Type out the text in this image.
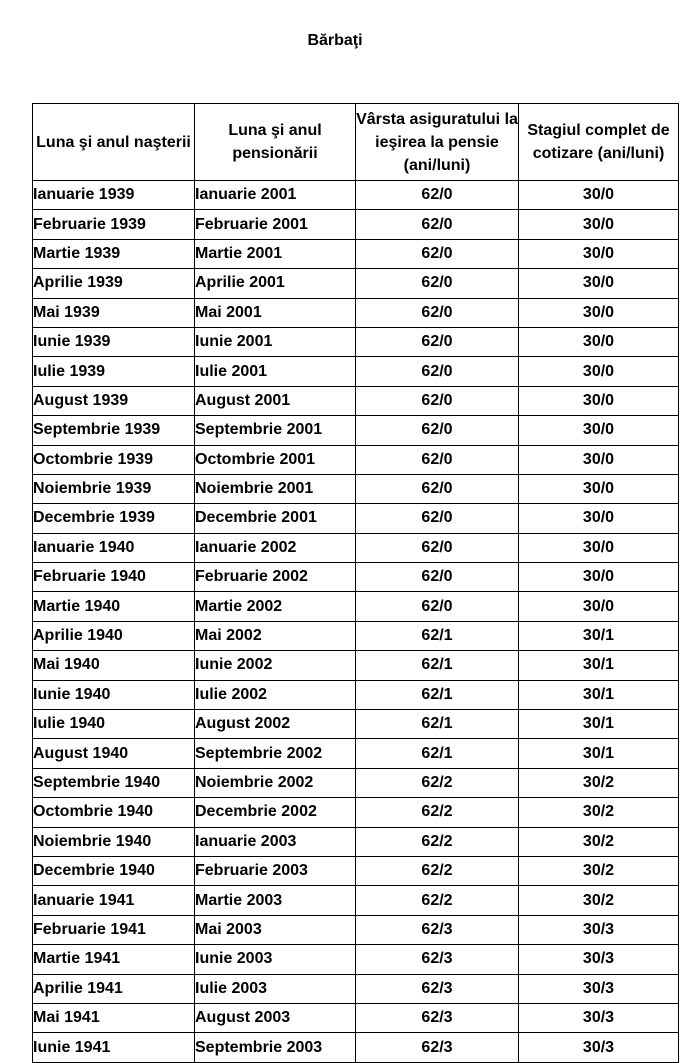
Bărbaţi
Luna şi anul naşterii	Luna şi anul pensionării	Vârsta asiguratului la ieşirea la pensie (ani/luni)	Stagiul complet de cotizare (ani/luni)
Ianuarie 1939	Ianuarie 2001	62/0	30/0
Februarie 1939	Februarie 2001	62/0	30/0
Martie 1939	Martie 2001	62/0	30/0
Aprilie 1939	Aprilie 2001	62/0	30/0
Mai 1939	Mai 2001	62/0	30/0
Iunie 1939	Iunie 2001	62/0	30/0
Iulie 1939	Iulie 2001	62/0	30/0
August 1939	August 2001	62/0	30/0
Septembrie 1939	Septembrie 2001	62/0	30/0
Octombrie 1939	Octombrie 2001	62/0	30/0
Noiembrie 1939	Noiembrie 2001	62/0	30/0
Decembrie 1939	Decembrie 2001	62/0	30/0
Ianuarie 1940	Ianuarie 2002	62/0	30/0
Februarie 1940	Februarie 2002	62/0	30/0
Martie 1940	Martie 2002	62/0	30/0
Aprilie 1940	Mai 2002	62/1	30/1
Mai 1940	Iunie 2002	62/1	30/1
Iunie 1940	Iulie 2002	62/1	30/1
Iulie 1940	August 2002	62/1	30/1
August 1940	Septembrie 2002	62/1	30/1
Septembrie 1940	Noiembrie 2002	62/2	30/2
Octombrie 1940	Decembrie 2002	62/2	30/2
Noiembrie 1940	Ianuarie 2003	62/2	30/2
Decembrie 1940	Februarie 2003	62/2	30/2
Ianuarie 1941	Martie 2003	62/2	30/2
Februarie 1941	Mai 2003	62/3	30/3
Martie 1941	Iunie 2003	62/3	30/3
Aprilie 1941	Iulie 2003	62/3	30/3
Mai 1941	August 2003	62/3	30/3
Iunie 1941	Septembrie 2003	62/3	30/3
